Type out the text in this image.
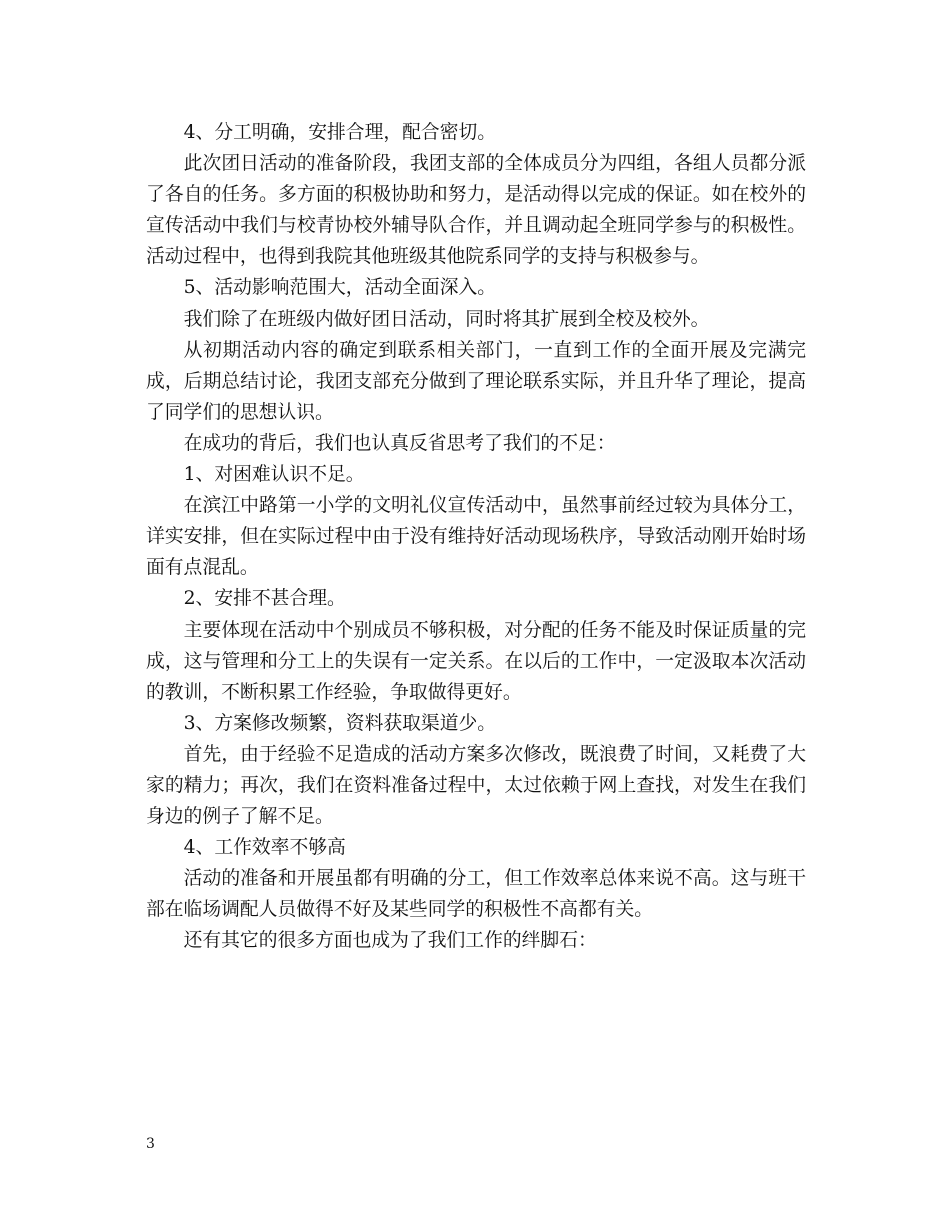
4、分工明确，安排合理，配合密切。

此次团日活动的准备阶段，我团支部的全体成员分为四组，各组人员都分派了各自的任务。多方面的积极协助和努力，是活动得以完成的保证。如在校外的宣传活动中我们与校青协校外辅导队合作，并且调动起全班同学参与的积极性。活动过程中，也得到我院其他班级其他院系同学的支持与积极参与。

5、活动影响范围大，活动全面深入。

我们除了在班级内做好团日活动，同时将其扩展到全校及校外。

从初期活动内容的确定到联系相关部门，一直到工作的全面开展及完满完成，后期总结讨论，我团支部充分做到了理论联系实际，并且升华了理论，提高了同学们的思想认识。

在成功的背后，我们也认真反省思考了我们的不足：

1、对困难认识不足。

在滨江中路第一小学的文明礼仪宣传活动中，虽然事前经过较为具体分工，详实安排，但在实际过程中由于没有维持好活动现场秩序，导致活动刚开始时场面有点混乱。

2、安排不甚合理。

主要体现在活动中个别成员不够积极，对分配的任务不能及时保证质量的完成，这与管理和分工上的失误有一定关系。在以后的工作中，一定汲取本次活动的教训，不断积累工作经验，争取做得更好。

3、方案修改频繁，资料获取渠道少。

首先，由于经验不足造成的活动方案多次修改，既浪费了时间，又耗费了大家的精力；再次，我们在资料准备过程中，太过依赖于网上查找，对发生在我们身边的例子了解不足。

4、工作效率不够高

活动的准备和开展虽都有明确的分工，但工作效率总体来说不高。这与班干部在临场调配人员做得不好及某些同学的积极性不高都有关。

还有其它的很多方面也成为了我们工作的绊脚石：

3
